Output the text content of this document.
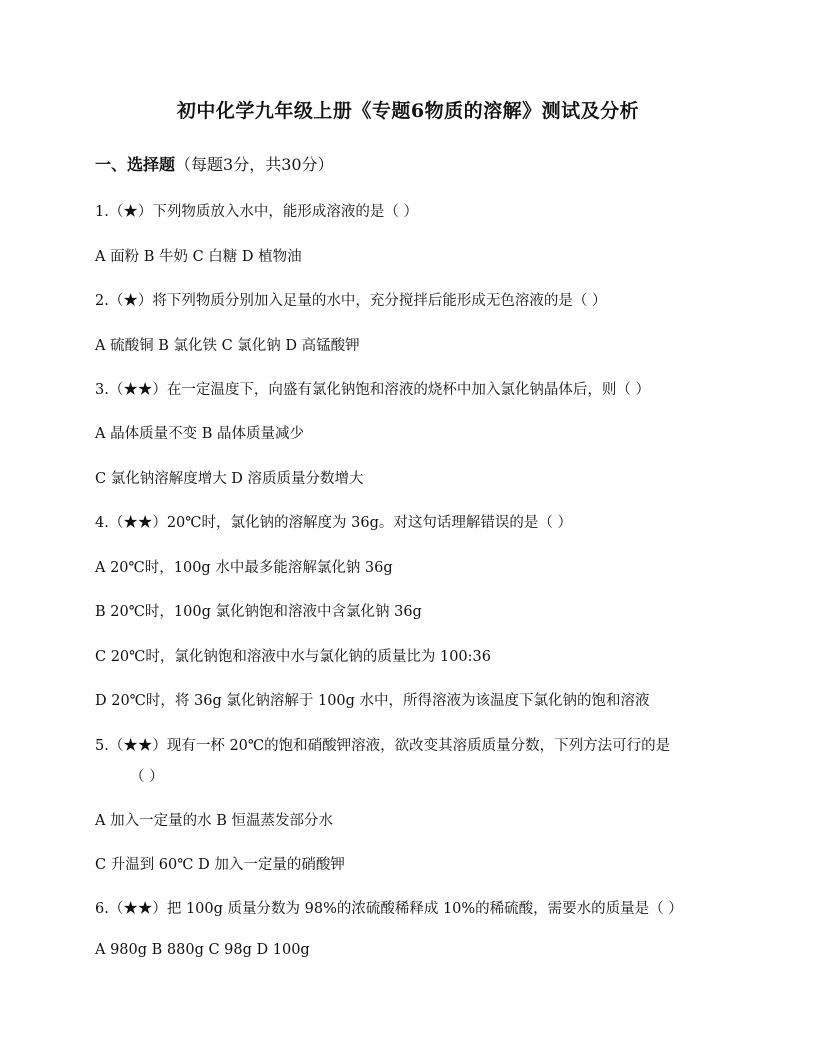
初中化学九年级上册《专题6物质的溶解》测试及分析
一、选择题（每题3分，共30分）
1.（★）下列物质放入水中，能形成溶液的是（ ）
A 面粉 B 牛奶 C 白糖 D 植物油
2.（★）将下列物质分别加入足量的水中，充分搅拌后能形成无色溶液的是（ ）
A 硫酸铜 B 氯化铁 C 氯化钠 D 高锰酸钾
3.（★★）在一定温度下，向盛有氯化钠饱和溶液的烧杯中加入氯化钠晶体后，则（ ）
A 晶体质量不变 B 晶体质量减少
C 氯化钠溶解度增大 D 溶质质量分数增大
4.（★★）20℃时，氯化钠的溶解度为 36g。对这句话理解错误的是（ ）
A 20℃时，100g 水中最多能溶解氯化钠 36g
B 20℃时，100g 氯化钠饱和溶液中含氯化钠 36g
C 20℃时，氯化钠饱和溶液中水与氯化钠的质量比为 100:36
D 20℃时，将 36g 氯化钠溶解于 100g 水中，所得溶液为该温度下氯化钠的饱和溶液
5.（★★）现有一杯 20℃的饱和硝酸钾溶液，欲改变其溶质质量分数，下列方法可行的是
（ ）
A 加入一定量的水 B 恒温蒸发部分水
C 升温到 60℃ D 加入一定量的硝酸钾
6.（★★）把 100g 质量分数为 98%的浓硫酸稀释成 10%的稀硫酸，需要水的质量是（ ）
A 980g B 880g C 98g D 100g
